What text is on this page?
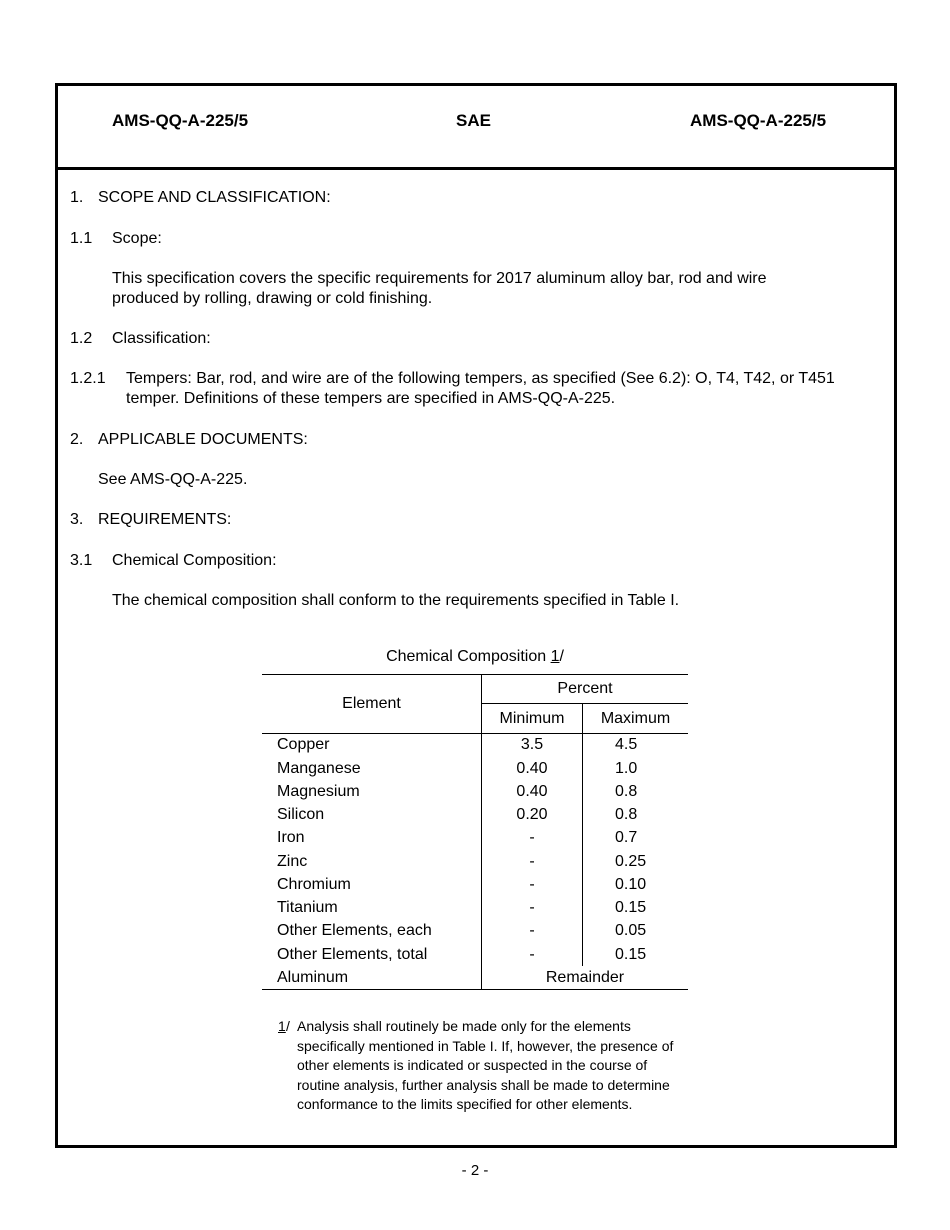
AMS-QQ-A-225/5	SAE	AMS-QQ-A-225/5
1. SCOPE AND CLASSIFICATION:
1.1 Scope:
This specification covers the specific requirements for 2017 aluminum alloy bar, rod and wire produced by rolling, drawing or cold finishing.
1.2 Classification:
1.2.1 Tempers: Bar, rod, and wire are of the following tempers, as specified (See 6.2): O, T4, T42, or T451 temper. Definitions of these tempers are specified in AMS-QQ-A-225.
2. APPLICABLE DOCUMENTS:
See AMS-QQ-A-225.
3. REQUIREMENTS:
3.1 Chemical Composition:
The chemical composition shall conform to the requirements specified in Table I.
Chemical Composition 1/
Element
Percent
Minimum	Maximum
Copper	3.5	4.5
Manganese	0.40	1.0
Magnesium	0.40	0.8
Silicon	0.20	0.8
Iron	-	0.7
Zinc	-	0.25
Chromium	-	0.10
Titanium	-	0.15
Other Elements, each	-	0.05
Other Elements, total	-	0.15
Aluminum	Remainder
1 / Analysis shall routinely be made only for the elements specifically mentioned in Table I. If, however, the presence of other elements is indicated or suspected in the course of routine analysis, further analysis shall be made to determine conformance to the limits specified for other elements.
- 2 -
